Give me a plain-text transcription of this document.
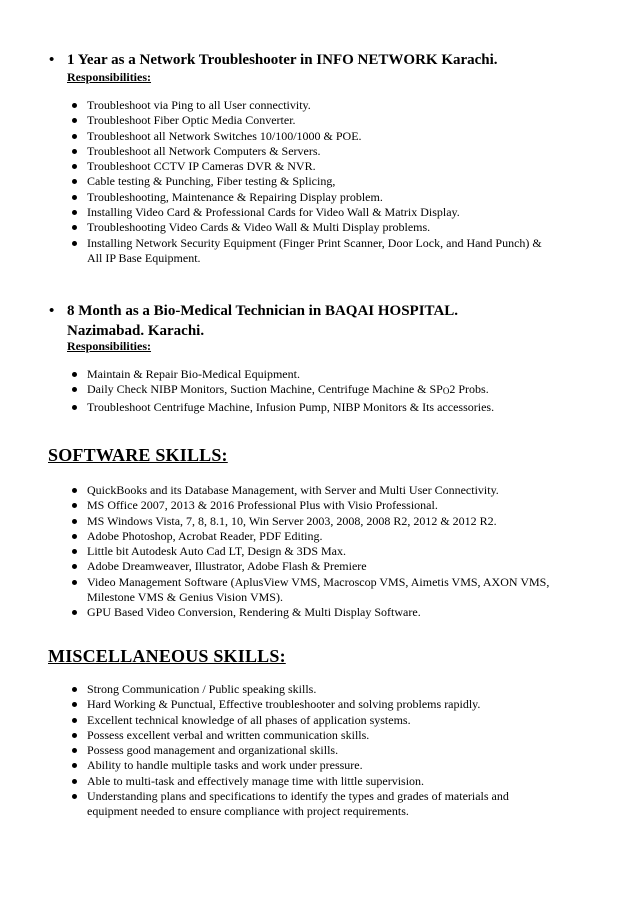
• 1 Year as a Network Troubleshooter in INFO NETWORK Karachi.
Responsibilities:
Troubleshoot via Ping to all User connectivity.
Troubleshoot Fiber Optic Media Converter.
Troubleshoot all Network Switches 10/100/1000 & POE.
Troubleshoot all Network Computers & Servers.
Troubleshoot CCTV IP Cameras DVR & NVR.
Cable testing & Punching, Fiber testing & Splicing,
Troubleshooting, Maintenance & Repairing Display problem.
Installing Video Card & Professional Cards for Video Wall & Matrix Display.
Troubleshooting Video Cards & Video Wall & Multi Display problems.
Installing Network Security Equipment (Finger Print Scanner, Door Lock, and Hand Punch) & All IP Base Equipment.
• 8 Month as a Bio-Medical Technician in BAQAI HOSPITAL.
Nazimabad. Karachi.
Responsibilities:
Maintain & Repair Bio-Medical Equipment.
Daily Check NIBP Monitors, Suction Machine, Centrifuge Machine & $SP_O2$ Probs.
Troubleshoot Centrifuge Machine, Infusion Pump, NIBP Monitors & Its accessories.
SOFTWARE SKILLS:
QuickBooks and its Database Management, with Server and Multi User Connectivity.
MS Office 2007, 2013 & 2016 Professional Plus with Visio Professional.
MS Windows Vista, 7, 8, 8.1, 10, Win Server 2003, 2008, 2008 R2, 2012 & 2012 R2.
Adobe Photoshop, Acrobat Reader, PDF Editing.
Little bit Autodesk Auto Cad LT, Design & 3DS Max.
Adobe Dreamweaver, Illustrator, Adobe Flash & Premiere
Video Management Software (AplusView VMS, Macroscop VMS, Aimetis VMS, AXON VMS, Milestone VMS & Genius Vision VMS).
GPU Based Video Conversion, Rendering & Multi Display Software.
MISCELLANEOUS SKILLS:
Strong Communication / Public speaking skills.
Hard Working & Punctual, Effective troubleshooter and solving problems rapidly.
Excellent technical knowledge of all phases of application systems.
Possess excellent verbal and written communication skills.
Possess good management and organizational skills.
Ability to handle multiple tasks and work under pressure.
Able to multi-task and effectively manage time with little supervision.
Understanding plans and specifications to identify the types and grades of materials and equipment needed to ensure compliance with project requirements.
